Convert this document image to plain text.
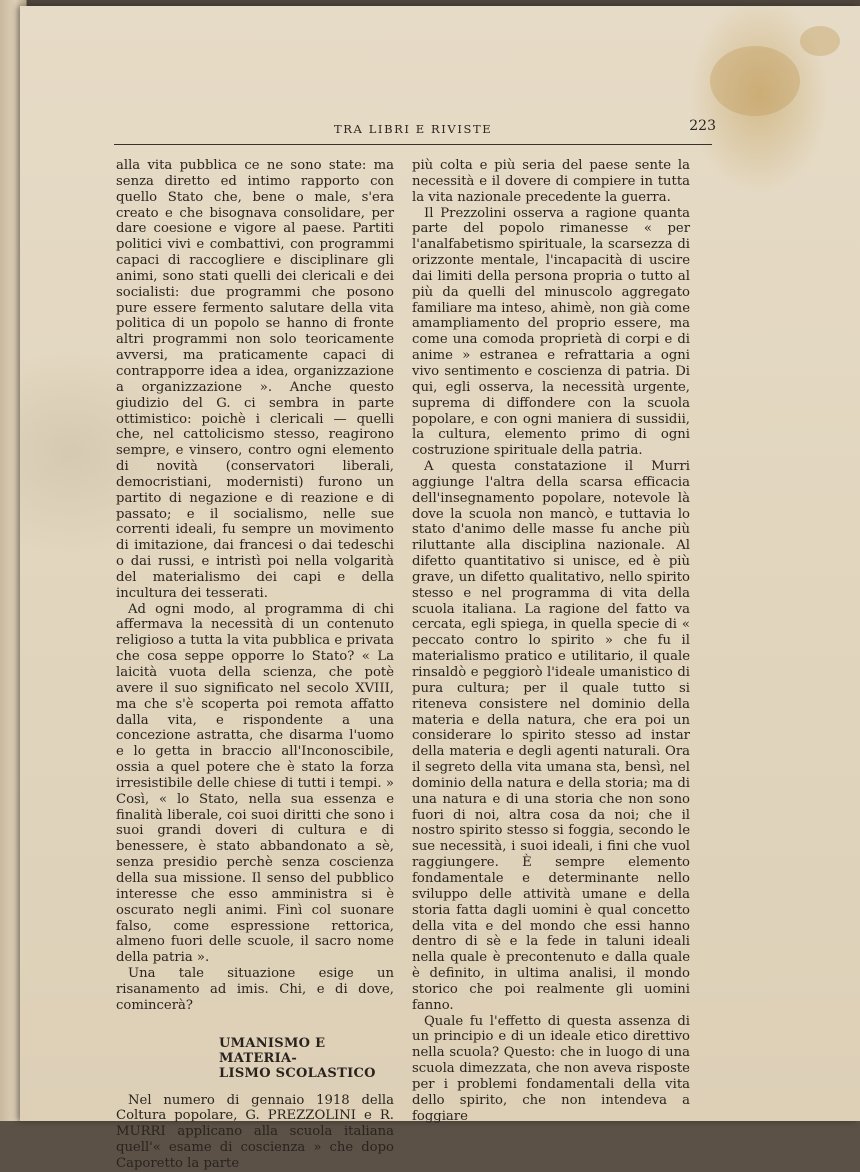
TRA LIBRI E RIVISTE	223

alla vita pubblica ce ne sono state: ma senza diretto ed intimo rapporto con quello Stato che, bene o male, s'era creato e che bisognava consolidare, per dare coesione e vigore al paese. Partiti politici vivi e combattivi, con programmi capaci di raccogliere e disciplinare gli animi, sono stati quelli dei clericali e dei socialisti: due programmi che posono pure essere fermento salutare della vita politica di un popolo se hanno di fronte altri programmi non solo teoricamente avversi, ma praticamente capaci di contrapporre idea a idea, organizzazione a organizzazione ». Anche questo giudizio del G. ci sembra in parte ottimistico: poichè i clericali — quelli che, nel cattolicismo stesso, reagirono sempre, e vinsero, contro ogni elemento di novità (conservatori liberali, democristiani, modernisti) furono un partito di negazione e di reazione e di passato; e il socialismo, nelle sue correnti ideali, fu sempre un movimento di imitazione, dai francesi o dai tedeschi o dai russi, e intristì poi nella volgarità del materialismo dei capi e della incultura dei tesserati.

Ad ogni modo, al programma di chi affermava la necessità di un contenuto religioso a tutta la vita pubblica e privata che cosa seppe opporre lo Stato? « La laicità vuota della scienza, che potè avere il suo significato nel secolo XVIII, ma che s'è scoperta poi remota affatto dalla vita, e rispondente a una concezione astratta, che disarma l'uomo e lo getta in braccio all'Inconoscibile, ossia a quel potere che è stato la forza irresistibile delle chiese di tutti i tempi. » Così, « lo Stato, nella sua essenza e finalità liberale, coi suoi diritti che sono i suoi grandi doveri di cultura e di benessere, è stato abbandonato a sè, senza presidio perchè senza coscienza della sua missione. Il senso del pubblico interesse che esso amministra si è oscurato negli animi. Finì col suonare falso, come espressione rettorica, almeno fuori delle scuole, il sacro nome della patria ».

Una tale situazione esige un risanamento ad imis. Chi, e di dove, comincerà?

UMANISMO E MATERIA-
LISMO SCOLASTICO

Nel numero di gennaio 1918 della Coltura popolare, G. PREZZOLINI e R. MURRI applicano alla scuola italiana quell'« esame di coscienza » che dopo Caporetto la parte

più colta e più seria del paese sente la necessità e il dovere di compiere in tutta la vita nazionale precedente la guerra.

Il Prezzolini osserva a ragione quanta parte del popolo rimanesse « per l'analfabetismo spirituale, la scarsezza di orizzonte mentale, l'incapacità di uscire dai limiti della persona propria o tutto al più da quelli del minuscolo aggregato familiare ma inteso, ahimè, non già come amampliamento del proprio essere, ma come una comoda proprietà di corpi e di anime » estranea e refrattaria a ogni vivo sentimento e coscienza di patria. Di qui, egli osserva, la necessità urgente, suprema di diffondere con la scuola popolare, e con ogni maniera di sussidii, la cultura, elemento primo di ogni costruzione spirituale della patria.

A questa constatazione il Murri aggiunge l'altra della scarsa efficacia dell'insegnamento popolare, notevole là dove la scuola non mancò, e tuttavia lo stato d'animo delle masse fu anche più riluttante alla disciplina nazionale. Al difetto quantitativo si unisce, ed è più grave, un difetto qualitativo, nello spirito stesso e nel programma di vita della scuola italiana. La ragione del fatto va cercata, egli spiega, in quella specie di « peccato contro lo spirito » che fu il materialismo pratico e utilitario, il quale rinsaldò e peggiorò l'ideale umanistico di pura cultura; per il quale tutto si riteneva consistere nel dominio della materia e della natura, che era poi un considerare lo spirito stesso ad instar della materia e degli agenti naturali. Ora il segreto della vita umana sta, bensì, nel dominio della natura e della storia; ma di una natura e di una storia che non sono fuori di noi, altra cosa da noi; che il nostro spirito stesso si foggia, secondo le sue necessità, i suoi ideali, i fini che vuol raggiungere. È sempre elemento fondamentale e determinante nello sviluppo delle attività umane e della storia fatta dagli uomini è qual concetto della vita e del mondo che essi hanno dentro di sè e la fede in taluni ideali nella quale è precontenuto e dalla quale è definito, in ultima analisi, il mondo storico che poi realmente gli uomini fanno.

Quale fu l'effetto di questa assenza di un principio e di un ideale etico direttivo nella scuola? Questo: che in luogo di una scuola dimezzata, che non aveva risposte per i problemi fondamentali della vita dello spirito, che non intendeva a foggiare
